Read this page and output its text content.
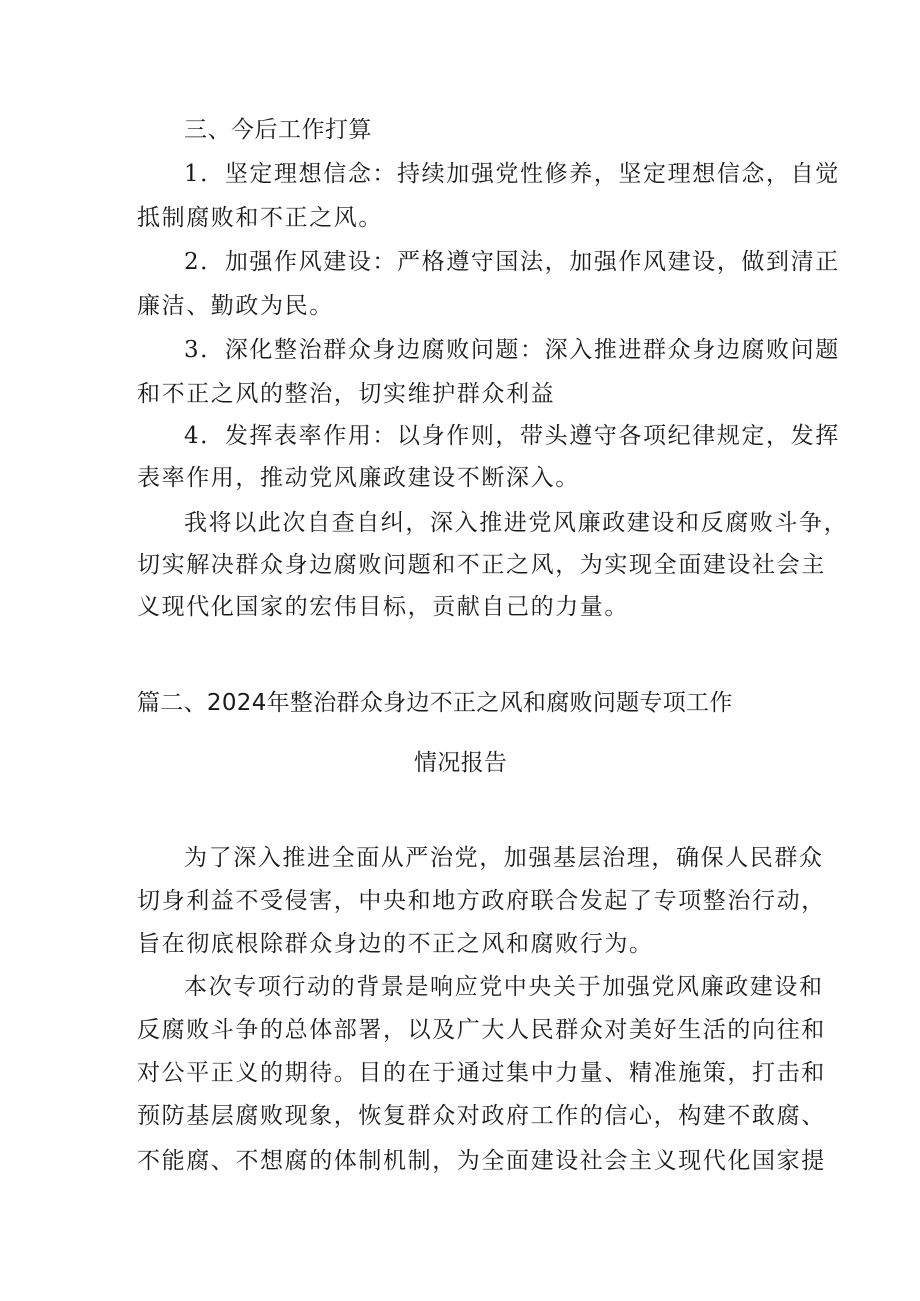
三、今后工作打算
1．坚定理想信念：持续加强党性修养，坚定理想信念，自觉
抵制腐败和不正之风。
2．加强作风建设：严格遵守国法，加强作风建设，做到清正
廉洁、勤政为民。
3．深化整治群众身边腐败问题：深入推进群众身边腐败问题
和不正之风的整治，切实维护群众利益
4．发挥表率作用：以身作则，带头遵守各项纪律规定，发挥
表率作用，推动党风廉政建设不断深入。
我将以此次自查自纠，深入推进党风廉政建设和反腐败斗争，
切实解决群众身边腐败问题和不正之风，为实现全面建设社会主
义现代化国家的宏伟目标，贡献自己的力量。
篇二、2024年整治群众身边不正之风和腐败问题专项工作
情况报告
为了深入推进全面从严治党，加强基层治理，确保人民群众
切身利益不受侵害，中央和地方政府联合发起了专项整治行动，
旨在彻底根除群众身边的不正之风和腐败行为。
本次专项行动的背景是响应党中央关于加强党风廉政建设和
反腐败斗争的总体部署，以及广大人民群众对美好生活的向往和
对公平正义的期待。目的在于通过集中力量、精准施策，打击和
预防基层腐败现象，恢复群众对政府工作的信心，构建不敢腐、
不能腐、不想腐的体制机制，为全面建设社会主义现代化国家提
